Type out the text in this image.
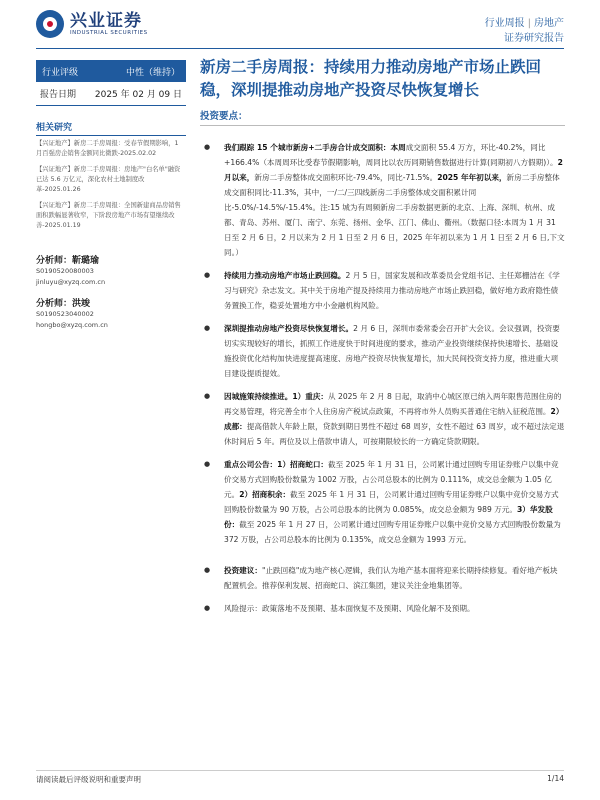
兴业证券
INDUSTRIAL SECURITIES
行业周报 | 房地产
证券研究报告
行业评级	中性（维持）
报告日期 2025 年 02 月 09 日
相关研究
【兴证地产】新房二手房周报：受春节假期影响，1 月百强房企销售金额同比微跌-2025.02.02
【兴证地产】新房二手房周报：房地产"白名单"融资已达 5.6 万亿元，深化农村土地制度改革-2025.01.26
【兴证地产】新房二手房周报：全国新建商品房销售面积跌幅显著收窄，下阶段房地产市场有望继续改善-2025.01.19
分析师：靳璐瑜
S0190520080003
jinluyu@xyzq.com.cn
分析师：洪竣
S0190523040002
hongbo@xyzq.com.cn
新房二手房周报：持续用力推动房地产市场止跌回稳，深圳提推动房地产投资尽快恢复增长
投资要点：
● 我们跟踪 15 个城市新房+二手房合计成交面积：本周成交面积 55.4 万方，环比-40.2%，同比+166.4%（本周周环比受春节假期影响，周同比以农历同期销售数据进行计算(同期初八方假期)）。2 月以来，新房二手房整体成交面积环比-79.4%，同比-71.5%。2025 年年初以来，新房二手房整体成交面积同比-11.3%，其中，一/二/三四线新房二手房整体成交面积累计同比-5.0%/-14.5%/-15.4%。注:15 城为有周频新房二手房数据更新的北京、上海、深圳、杭州、成都、青岛、苏州、厦门、南宁、东莞、扬州、金华、江门、佛山、衢州。（数据口径:本周为 1 月 31 日至 2 月 6 日，2 月以来为 2 月 1 日至 2 月 6 日，2025 年年初以来为 1 月 1 日至 2 月 6 日,下文同。）
● 持续用力推动房地产市场止跌回稳。2 月 5 日，国家发展和改革委员会党组书记、主任郑栅洁在《学习与研究》杂志发文。其中关于房地产提及持续用力推动房地产市场止跌回稳，做好地方政府隐性债务置换工作，稳妥处置地方中小金融机构风险。
● 深圳提推动房地产投资尽快恢复增长。2 月 6 日，深圳市委常委会召开扩大会议。会议强调，投资要切实实现较好的增长，抓照工作进度快于时间进度的要求，推动产业投资继续保持快速增长、基础设施投资优化结构加快进度提高速度、房地产投资尽快恢复增长，加大民间投资支持力度，推进重大项目建设提质提效。
● 因城施策持续推进。1）重庆：从 2025 年 2 月 8 日起，取消中心城区原已纳入两年限售范围住房的再交易管理，将完善全市个人住房房产税试点政策，不再将市外人员购买普通住宅纳入征税范围。2）成都：提高借款人年龄上限，贷款到期日男性不超过 68 周岁，女性不超过 63 周岁，或不超过法定退休时间后 5 年。两位及以上借款申请人，可按期限较长的一方确定贷款期限。
● 重点公司公告：1）招商蛇口：截至 2025 年 1 月 31 日，公司累计通过回购专用证券账户以集中竞价交易方式回购股份数量为 1002 万股，占公司总股本的比例为 0.111%，成交总金额为 1.05 亿元。2）招商积余：截至 2025 年 1 月 31 日，公司累计通过回购专用证券账户以集中竞价交易方式回购股份数量为 90 万股，占公司总股本的比例为 0.085%，成交总金额为 989 万元。3）华发股份：截至 2025 年 1 月 27 日，公司累计通过回购专用证券账户以集中竞价交易方式回购股份数量为 372 万股，占公司总股本的比例为 0.135%，成交总金额为 1993 万元。
● 投资建议："止跌回稳"成为地产核心逻辑，我们认为地产基本面将迎来长期持续修复。看好地产板块配置机会。推荐保利发展、招商蛇口、滨江集团，建议关注金地集团等。
● 风险提示：政策落地不及预期、基本面恢复不及预期、风险化解不及预期。
请阅读最后评级说明和重要声明	1/14
